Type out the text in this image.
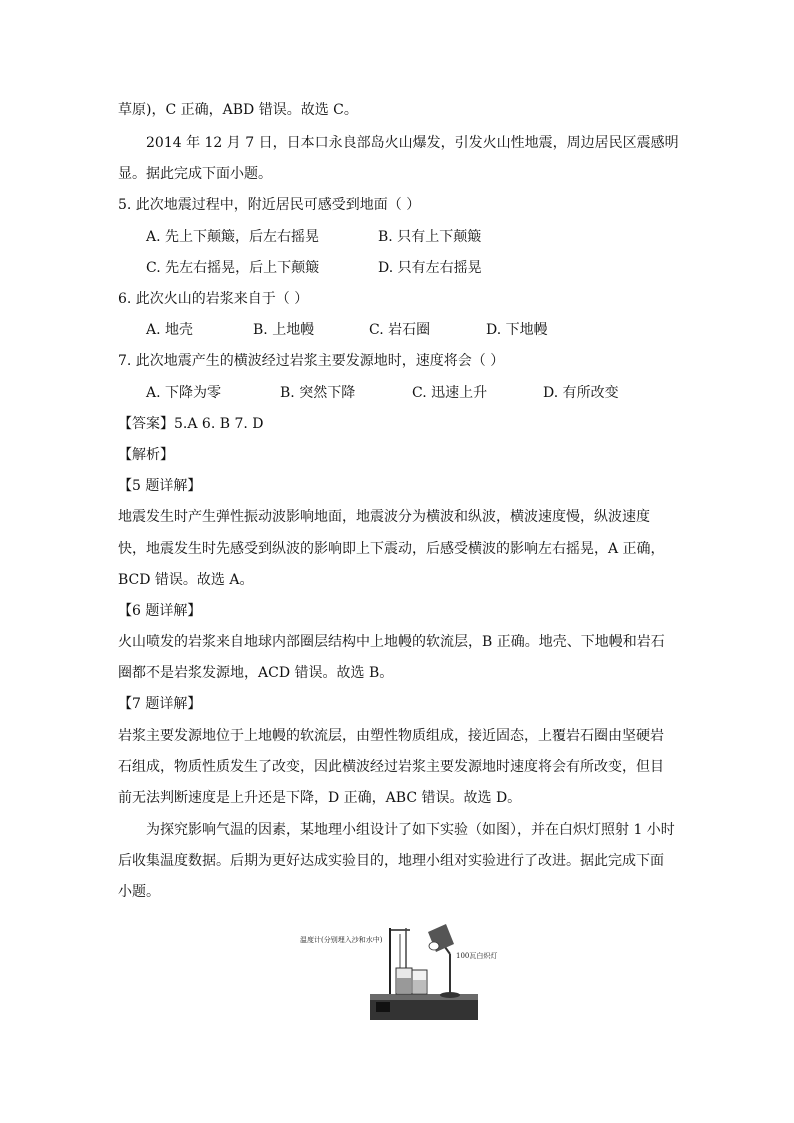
草原)，C 正确，ABD 错误。故选 C。
2014 年 12 月 7 日，日本口永良部岛火山爆发，引发火山性地震，周边居民区震感明
显。据此完成下面小题。
5. 此次地震过程中，附近居民可感受到地面（ ）
A. 先上下颠簸，后左右摇晃	B. 只有上下颠簸
C. 先左右摇晃，后上下颠簸	D. 只有左右摇晃
6. 此次火山的岩浆来自于（ ）
A. 地壳	B. 上地幔	C. 岩石圈	D. 下地幔
7. 此次地震产生的横波经过岩浆主要发源地时，速度将会（ ）
A. 下降为零	B. 突然下降	C. 迅速上升	D. 有所改变
【答案】5.A 6. B 7. D
【解析】
【5 题详解】
地震发生时产生弹性振动波影响地面，地震波分为横波和纵波，横波速度慢，纵波速度
快，地震发生时先感受到纵波的影响即上下震动，后感受横波的影响左右摇晃，A 正确，
BCD 错误。故选 A。
【6 题详解】
火山喷发的岩浆来自地球内部圈层结构中上地幔的软流层，B 正确。地壳、下地幔和岩石
圈都不是岩浆发源地，ACD 错误。故选 B。
【7 题详解】
岩浆主要发源地位于上地幔的软流层，由塑性物质组成，接近固态，上覆岩石圈由坚硬岩
石组成，物质性质发生了改变，因此横波经过岩浆主要发源地时速度将会有所改变，但目
前无法判断速度是上升还是下降，D 正确，ABC 错误。故选 D。
为探究影响气温的因素，某地理小组设计了如下实验（如图），并在白炽灯照射 1 小时
后收集温度数据。后期为更好达成实验目的，地理小组对实验进行了改进。据此完成下面
小题。
温度计(分别埋入沙和水中)
100瓦白炽灯
